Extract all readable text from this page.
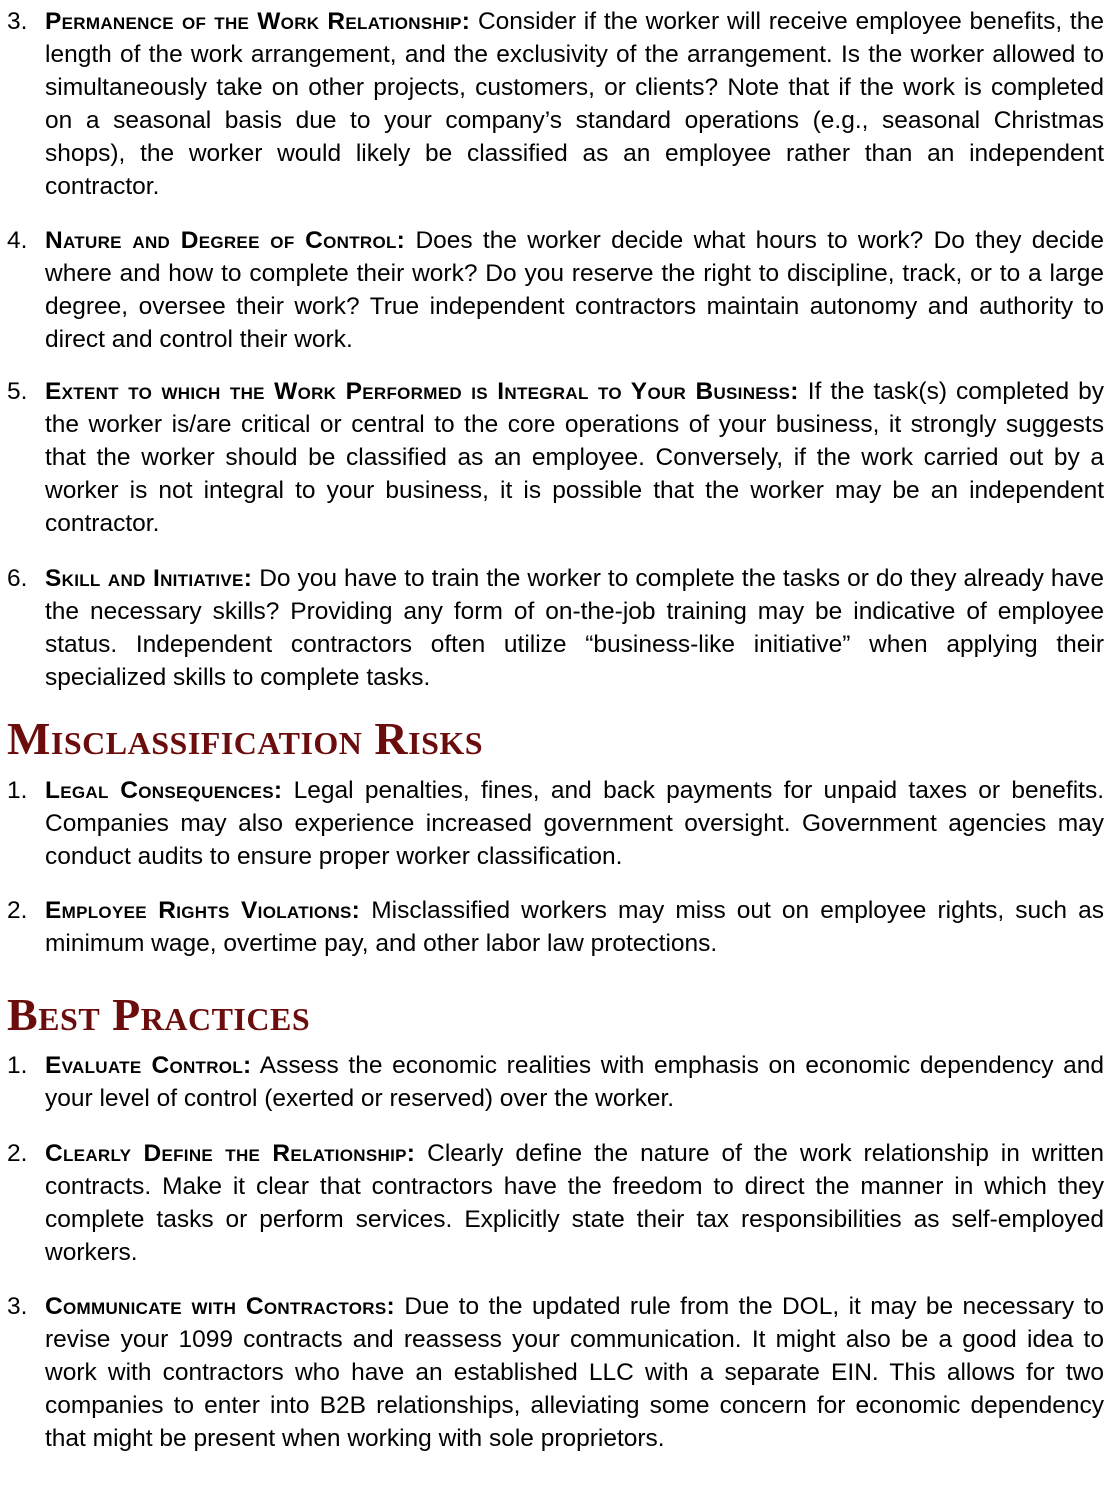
3. Permanence of the Work Relationship: Consider if the worker will receive employee benefits, the length of the work arrangement, and the exclusivity of the arrangement. Is the worker allowed to simultaneously take on other projects, customers, or clients? Note that if the work is completed on a seasonal basis due to your company’s standard operations (e.g., seasonal Christmas shops), the worker would likely be classified as an employee rather than an independent contractor.
4. Nature and Degree of Control: Does the worker decide what hours to work? Do they decide where and how to complete their work? Do you reserve the right to discipline, track, or to a large degree, oversee their work? True independent contractors maintain autonomy and authority to direct and control their work.
5. Extent to which the Work Performed is Integral to Your Business: If the task(s) completed by the worker is/are critical or central to the core operations of your business, it strongly suggests that the worker should be classified as an employee. Conversely, if the work carried out by a worker is not integral to your business, it is possible that the worker may be an independent contractor.
6. Skill and Initiative: Do you have to train the worker to complete the tasks or do they already have the necessary skills? Providing any form of on-the-job training may be indicative of employee status. Independent contractors often utilize “business-like initiative” when applying their specialized skills to complete tasks.
Misclassification Risks
1. Legal Consequences: Legal penalties, fines, and back payments for unpaid taxes or benefits. Companies may also experience increased government oversight. Government agencies may conduct audits to ensure proper worker classification.
2. Employee Rights Violations: Misclassified workers may miss out on employee rights, such as minimum wage, overtime pay, and other labor law protections.
Best Practices
1. Evaluate Control: Assess the economic realities with emphasis on economic dependency and your level of control (exerted or reserved) over the worker.
2. Clearly Define the Relationship: Clearly define the nature of the work relationship in written contracts. Make it clear that contractors have the freedom to direct the manner in which they complete tasks or perform services. Explicitly state their tax responsibilities as self-employed workers.
3. Communicate with Contractors: Due to the updated rule from the DOL, it may be necessary to revise your 1099 contracts and reassess your communication. It might also be a good idea to work with contractors who have an established LLC with a separate EIN. This allows for two companies to enter into B2B relationships, alleviating some concern for economic dependency that might be present when working with sole proprietors.
